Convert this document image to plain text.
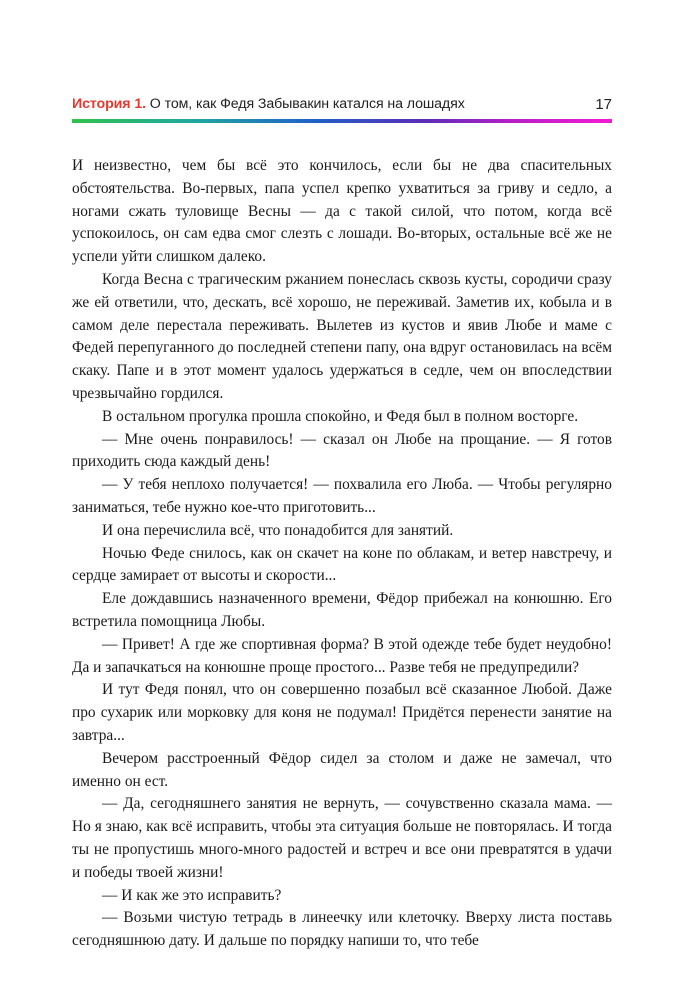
История 1. О том, как Федя Забывакин катался на лошадях	17

И неизвестно, чем бы всё это кончилось, если бы не два спасительных обстоятельства. Во-первых, папа успел крепко ухватиться за гриву и седло, а ногами сжать туловище Весны — да с такой силой, что потом, когда всё успокоилось, он сам едва смог слезть с лошади. Во-вторых, остальные всё же не успели уйти слишком далеко.

Когда Весна с трагическим ржанием понеслась сквозь кусты, сородичи сразу же ей ответили, что, дескать, всё хорошо, не переживай. Заметив их, кобыла и в самом деле перестала переживать. Вылетев из кустов и явив Любе и маме с Федей перепуганного до последней степени папу, она вдруг остановилась на всём скаку. Папе и в этот момент удалось удержаться в седле, чем он впоследствии чрезвычайно гордился.

В остальном прогулка прошла спокойно, и Федя был в полном восторге.

— Мне очень понравилось! — сказал он Любе на прощание. — Я готов приходить сюда каждый день!

— У тебя неплохо получается! — похвалила его Люба. — Чтобы регулярно заниматься, тебе нужно кое-что приготовить...

И она перечислила всё, что понадобится для занятий.

Ночью Феде снилось, как он скачет на коне по облакам, и ветер навстречу, и сердце замирает от высоты и скорости...

Еле дождавшись назначенного времени, Фёдор прибежал на конюшню. Его встретила помощница Любы.

— Привет! А где же спортивная форма? В этой одежде тебе будет неудобно! Да и запачкаться на конюшне проще простого... Разве тебя не предупредили?

И тут Федя понял, что он совершенно позабыл всё сказанное Любой. Даже про сухарик или морковку для коня не подумал! Придётся перенести занятие на завтра...

Вечером расстроенный Фёдор сидел за столом и даже не замечал, что именно он ест.

— Да, сегодняшнего занятия не вернуть, — сочувственно сказала мама. — Но я знаю, как всё исправить, чтобы эта ситуация больше не повторялась. И тогда ты не пропустишь много-много радостей и встреч и все они превратятся в удачи и победы твоей жизни!

— И как же это исправить?

— Возьми чистую тетрадь в линеечку или клеточку. Вверху листа поставь сегодняшнюю дату. И дальше по порядку напиши то, что тебе
